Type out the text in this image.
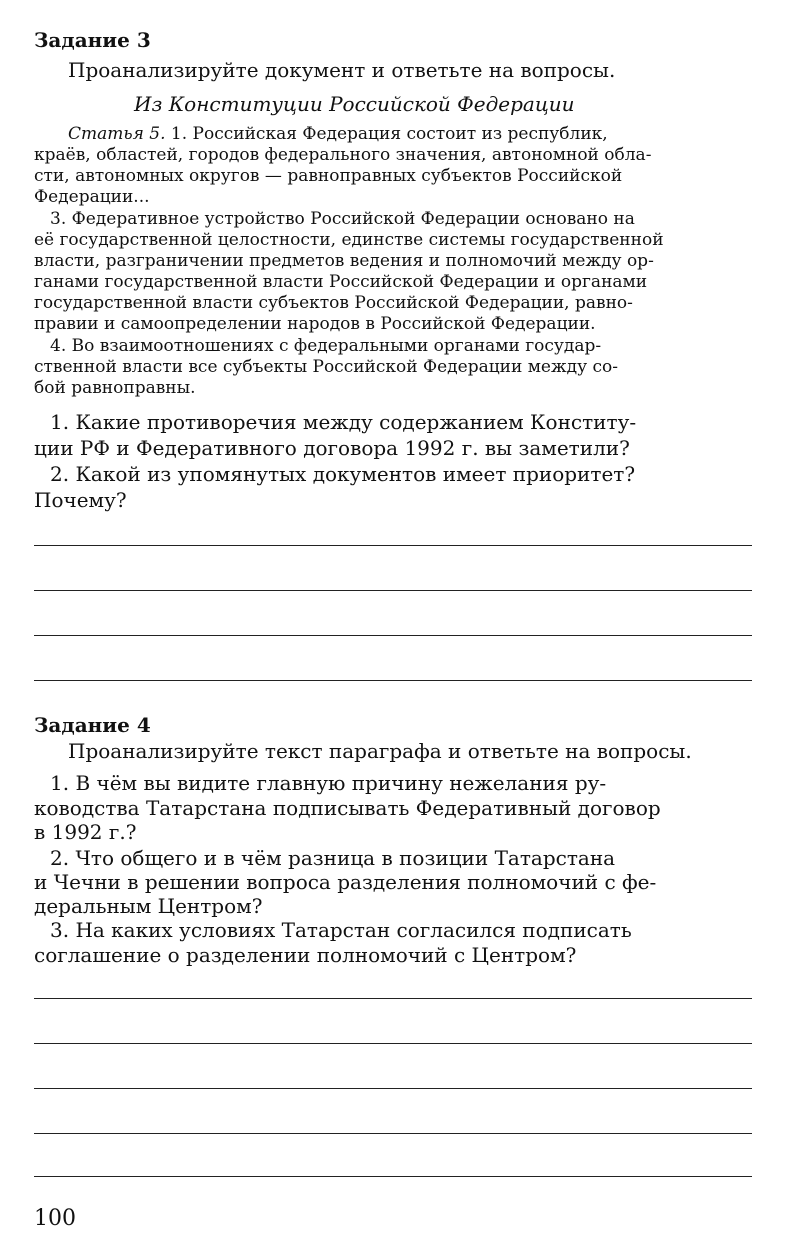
Задание 3
Проанализируйте документ и ответьте на вопросы.
Из Конституции Российской Федерации
Статья 5. 1. Российская Федерация состоит из республик,
краёв, областей, городов федерального значения, автономной обла-
сти, автономных округов — равноправных субъектов Российской
Федерации...
3. Федеративное устройство Российской Федерации основано на
её государственной целостности, единстве системы государственной
власти, разграничении предметов ведения и полномочий между ор-
ганами государственной власти Российской Федерации и органами
государственной власти субъектов Российской Федерации, равно-
правии и самоопределении народов в Российской Федерации.
4. Во взаимоотношениях с федеральными органами государ-
ственной власти все субъекты Российской Федерации между со-
бой равноправны.
1. Какие противоречия между содержанием Конститу-
ции РФ и Федеративного договора 1992 г. вы заметили?
2. Какой из упомянутых документов имеет приоритет?
Почему?
Задание 4
Проанализируйте текст параграфа и ответьте на вопросы.
1. В чём вы видите главную причину нежелания ру-
ководства Татарстана подписывать Федеративный договор
в 1992 г.?
2. Что общего и в чём разница в позиции Татарстана
и Чечни в решении вопроса разделения полномочий с фе-
деральным Центром?
3. На каких условиях Татарстан согласился подписать
соглашение о разделении полномочий с Центром?
100
